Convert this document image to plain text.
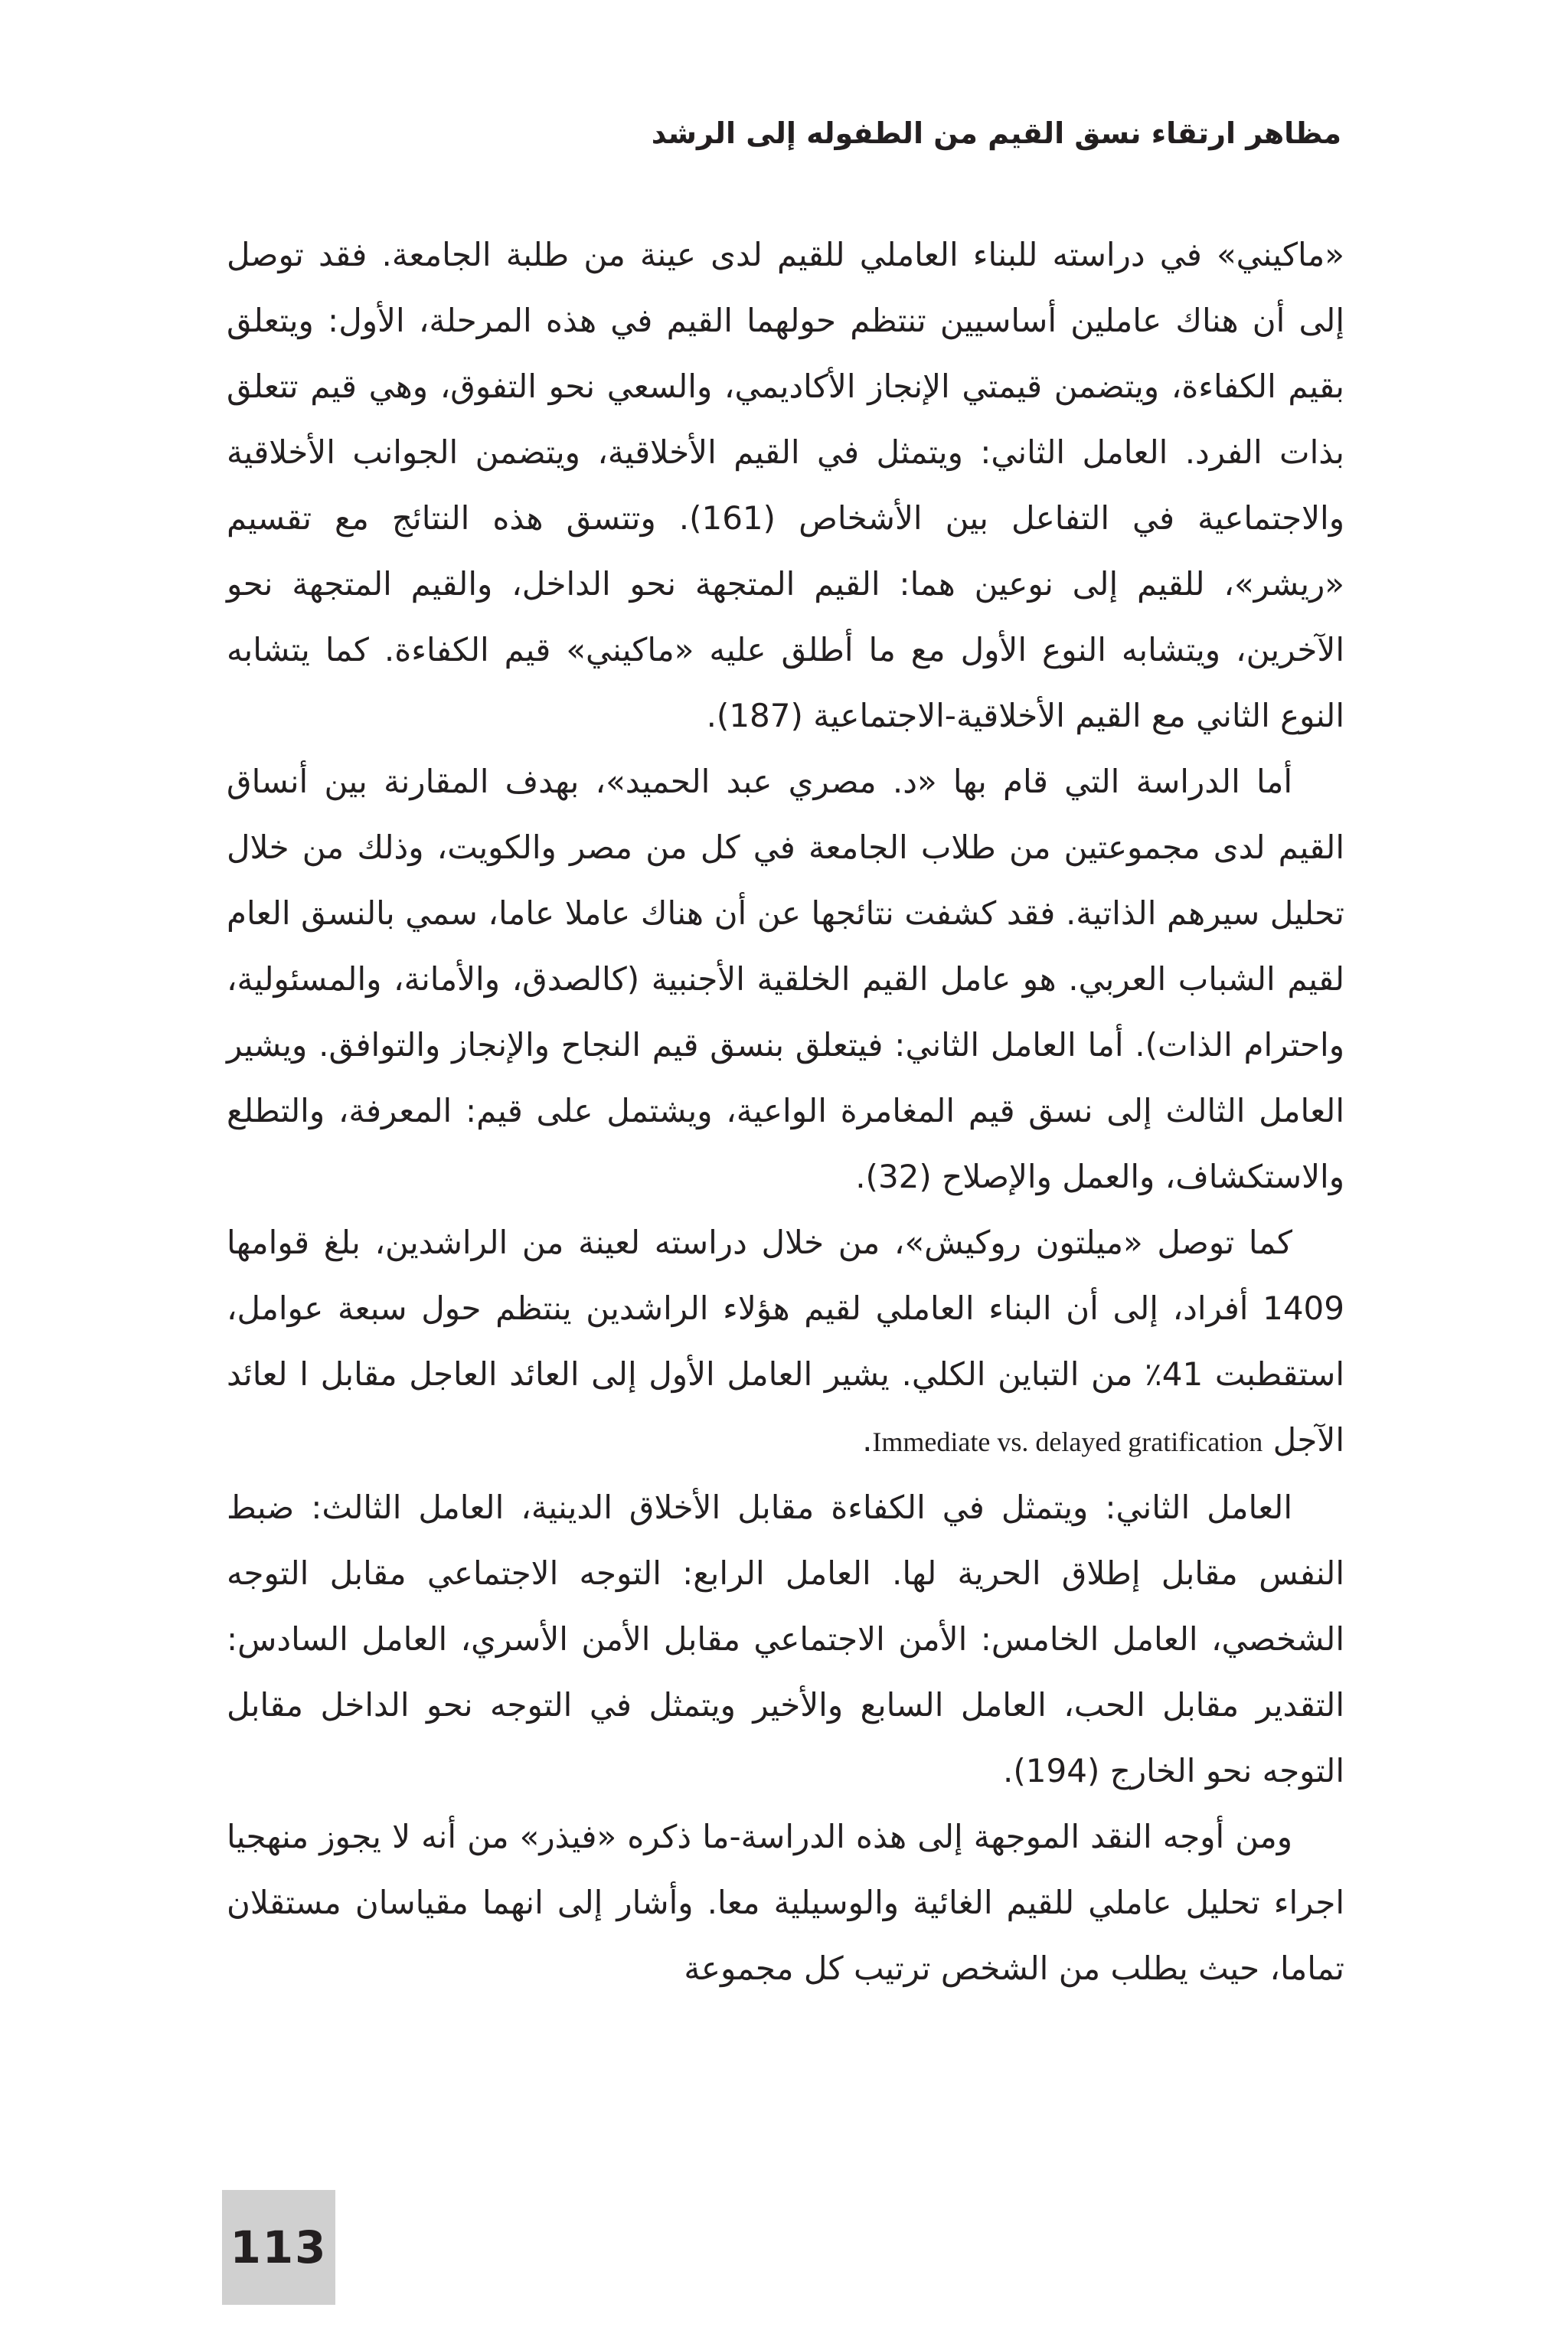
مظاهر ارتقاء نسق القيم من الطفوله إلى الرشد

«ماكيني» في دراسته للبناء العاملي للقيم لدى عينة من طلبة الجامعة. فقد توصل إلى أن هناك عاملين أساسيين تنتظم حولهما القيم في هذه المرحلة، الأول: ويتعلق بقيم الكفاءة، ويتضمن قيمتي الإنجاز الأكاديمي، والسعي نحو التفوق، وهي قيم تتعلق بذات الفرد. العامل الثاني: ويتمثل في القيم الأخلاقية، ويتضمن الجوانب الأخلاقية والاجتماعية في التفاعل بين الأشخاص (161). وتتسق هذه النتائج مع تقسيم «ريشر»، للقيم إلى نوعين هما: القيم المتجهة نحو الداخل، والقيم المتجهة نحو الآخرين، ويتشابه النوع الأول مع ما أطلق عليه «ماكيني» قيم الكفاءة. كما يتشابه النوع الثاني مع القيم الأخلاقية-الاجتماعية (187).

أما الدراسة التي قام بها «د. مصري عبد الحميد»، بهدف المقارنة بين أنساق القيم لدى مجموعتين من طلاب الجامعة في كل من مصر والكويت، وذلك من خلال تحليل سيرهم الذاتية. فقد كشفت نتائجها عن أن هناك عاملا عاما، سمي بالنسق العام لقيم الشباب العربي. هو عامل القيم الخلقية الأجنبية (كالصدق، والأمانة، والمسئولية، واحترام الذات). أما العامل الثاني: فيتعلق بنسق قيم النجاح والإنجاز والتوافق. ويشير العامل الثالث إلى نسق قيم المغامرة الواعية، ويشتمل على قيم: المعرفة، والتطلع والاستكشاف، والعمل والإصلاح (32).

كما توصل «ميلتون روكيش»، من خلال دراسته لعينة من الراشدين، بلغ قوامها 1409 أفراد، إلى أن البناء العاملي لقيم هؤلاء الراشدين ينتظم حول سبعة عوامل، استقطبت 41٪ من التباين الكلي. يشير العامل الأول إلى العائد العاجل مقابل ا لعائد الآجل Immediate vs. delayed gratification.

العامل الثاني: ويتمثل في الكفاءة مقابل الأخلاق الدينية، العامل الثالث: ضبط النفس مقابل إطلاق الحرية لها. العامل الرابع: التوجه الاجتماعي مقابل التوجه الشخصي، العامل الخامس: الأمن الاجتماعي مقابل الأمن الأسري، العامل السادس: التقدير مقابل الحب، العامل السابع والأخير ويتمثل في التوجه نحو الداخل مقابل التوجه نحو الخارج (194).

ومن أوجه النقد الموجهة إلى هذه الدراسة-ما ذكره «فيذر» من أنه لا يجوز منهجيا اجراء تحليل عاملي للقيم الغائية والوسيلية معا. وأشار إلى انهما مقياسان مستقلان تماما، حيث يطلب من الشخص ترتيب كل مجموعة

113
